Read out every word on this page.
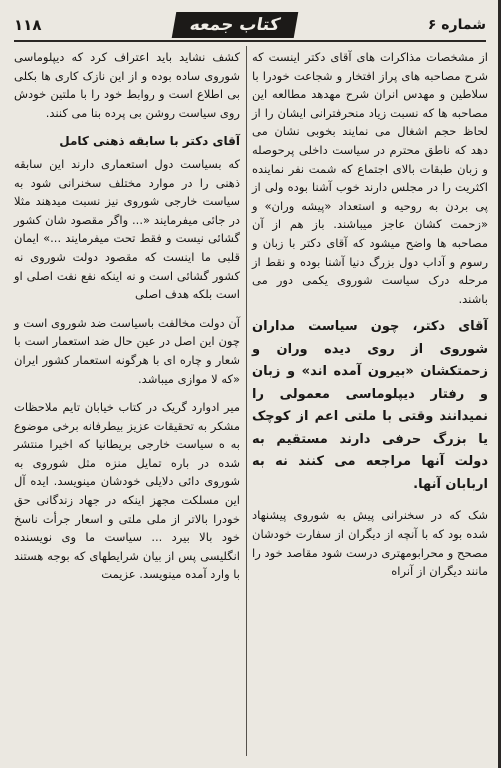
شماره ۶
کتاب جمعه
۱۱۸

از مشخصات مذاکرات های آقای دکتر اینست که شرح مصاحبه های پراز افتخار و شجاعت خودرا با سلاطین و مهدس انران شرح مهدهد مطالعه این مصاحبه ها که نسبت زیاد منحرفترانی ایشان را از لحاظ حجم اشغال می نمایند بخوبی نشان می دهد که ناطق محترم در سیاست داخلی پرحوصله و زبان طبقات بالای اجتماع که شمت نفر نماینده اکثریت را در مجلس دارند خوب آشنا بوده ولی از پی بردن به روحیه و استعداد «پیشه وران» و «زحمت کشان عاجز میباشند. باز هم از آن مصاحبه ها واضح میشود که آقای دکتر با زبان و رسوم و آداب دول بزرگ دنیا آشنا بوده و نقط از مرحله درک سیاست شوروی یکمی دور می باشند.

آقای دکتر، چون سیاست مداران شوروی از روی دیده وران و زحمتکشان «بیرون آمده اند» و زبان و رفتار دیپلوماسی معمولی را نمیدانند وقتی با ملتی اعم از کوچک یا بزرگ حرفی دارند مستقیم به دولت آنها مراجعه می کنند نه به اربابان آنها.

شک که در سخنرانی پیش به شوروی پیشنهاد شده بود که با آنچه از دیگران از سفارت خودشان مصحح و محرابومهتری درست شود مقاصد خود را مانند دیگران از آنراه

کشف نشاید باید اعتراف کرد که دیپلوماسی شوروی ساده بوده و از این نازک کاری ها بکلی بی اطلاع است و روابط خود را با ملتین خودش روی سیاست روشن بی پرده بنا می کنند.

آقای دکتر با سابقه ذهنی کامل

که بسیاست دول استعماری دارند این سابقه ذهنی را در موارد مختلف سخنرانی شود به سیاست خارجی شوروی نیز نسبت میدهند مثلا در جائی میفرمایند «... واگر مقصود شان کشور گشائی نیست و فقط تحت میفرمایند ...» ایمان قلبی ما اینست که مقصود دولت شوروی نه کشور گشائی است و نه اینکه نفع نفت اصلی او است بلکه هدف اصلی

آن دولت مخالفت باسیاست ضد شوروی است و چون این اصل در عین حال ضد استعمار است با شعار و چاره ای با هرگونه استعمار کشور ایران «که لا موازی میباشد.

میر ادوارد گریک در کتاب خیابان تایم ملاحظات مشکر به تحقیقات عزیز بیطرفانه برخی موضوع به ه سیاست خارجی بریطانیا که اخیرا منتشر شده در باره تمایل منزه مثل شوروی به شوروی دائی دلایلی خودشان مینویسد. ایده آل این مسلکت مجهز اینکه در جهاد زندگانی حق خودرا بالاتر از ملی ملتی و اسعار جرأت ناسخ خود بالا بیرد ... سیاست ما وی نویسنده انگلیسی پس از بیان شرایطهای که بوجه هستند با وارد آمده مینویسد. عزیمت
